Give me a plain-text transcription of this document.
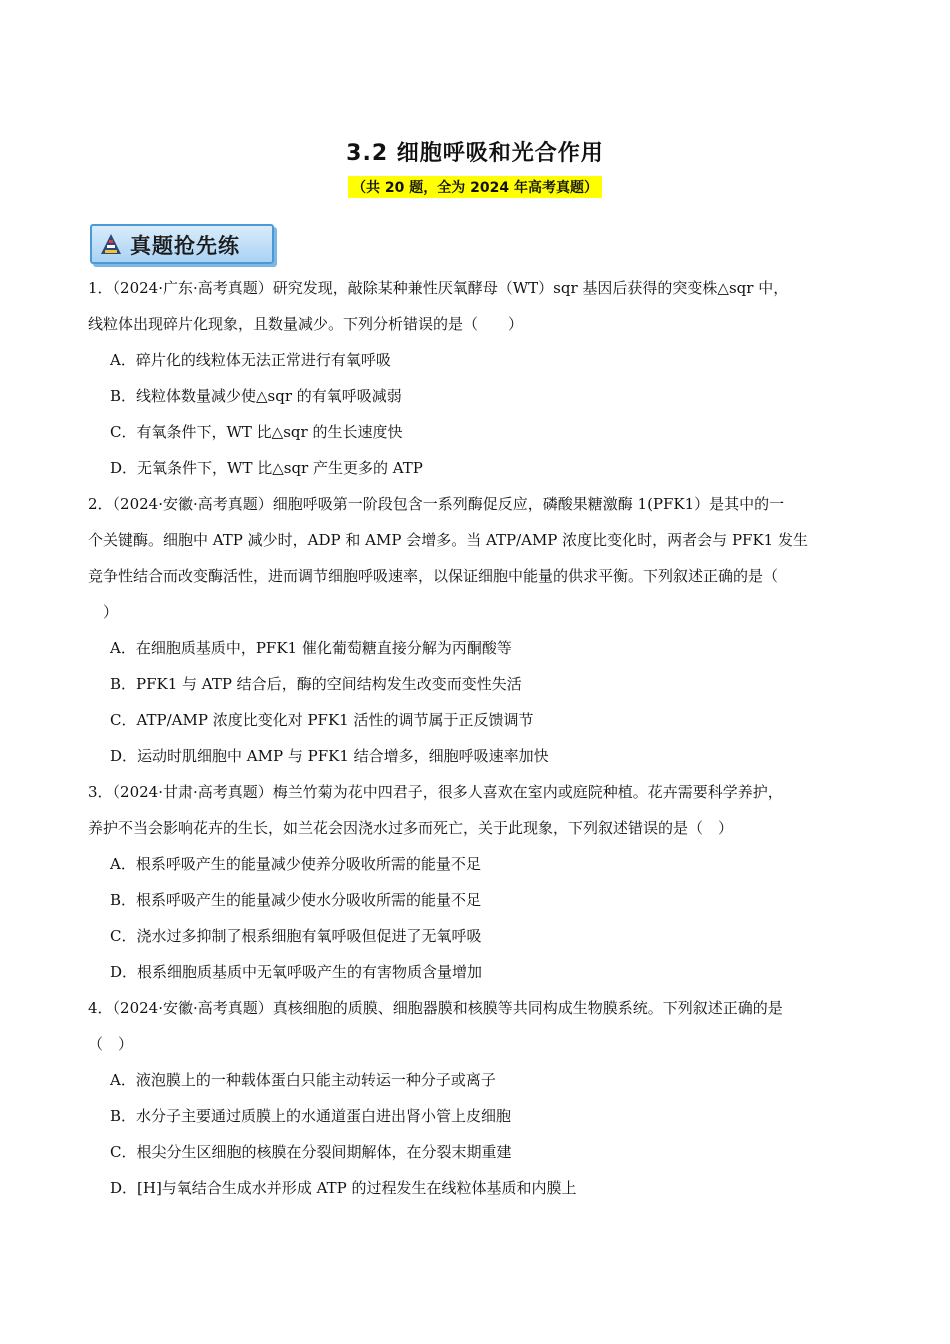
3.2 细胞呼吸和光合作用
（共 20 题，全为 2024 年高考真题）
真题抢先练

1．（2024·广东·高考真题）研究发现，敲除某种兼性厌氧酵母（WT）sqr 基因后获得的突变株△sqr 中，

线粒体出现碎片化现象，且数量减少。下列分析错误的是（　　）

A．碎片化的线粒体无法正常进行有氧呼吸

B．线粒体数量减少使△sqr 的有氧呼吸减弱

C．有氧条件下，WT 比△sqr 的生长速度快

D．无氧条件下，WT 比△sqr 产生更多的 ATP

2．（2024·安徽·高考真题）细胞呼吸第一阶段包含一系列酶促反应，磷酸果糖激酶 1(PFK1）是其中的一

个关键酶。细胞中 ATP 减少时，ADP 和 AMP 会增多。当 ATP/AMP 浓度比变化时，两者会与 PFK1 发生

竞争性结合而改变酶活性，进而调节细胞呼吸速率，以保证细胞中能量的供求平衡。下列叙述正确的是（

　）

A．在细胞质基质中，PFK1 催化葡萄糖直接分解为丙酮酸等

B．PFK1 与 ATP 结合后，酶的空间结构发生改变而变性失活

C．ATP/AMP 浓度比变化对 PFK1 活性的调节属于正反馈调节

D．运动时肌细胞中 AMP 与 PFK1 结合增多，细胞呼吸速率加快

3．（2024·甘肃·高考真题）梅兰竹菊为花中四君子，很多人喜欢在室内或庭院种植。花卉需要科学养护，

养护不当会影响花卉的生长，如兰花会因浇水过多而死亡，关于此现象，下列叙述错误的是（　）

A．根系呼吸产生的能量减少使养分吸收所需的能量不足

B．根系呼吸产生的能量减少使水分吸收所需的能量不足

C．浇水过多抑制了根系细胞有氧呼吸但促进了无氧呼吸

D．根系细胞质基质中无氧呼吸产生的有害物质含量增加

4．（2024·安徽·高考真题）真核细胞的质膜、细胞器膜和核膜等共同构成生物膜系统。下列叙述正确的是

（　）

A．液泡膜上的一种载体蛋白只能主动转运一种分子或离子

B．水分子主要通过质膜上的水通道蛋白进出肾小管上皮细胞

C．根尖分生区细胞的核膜在分裂间期解体，在分裂末期重建

D．[H]与氧结合生成水并形成 ATP 的过程发生在线粒体基质和内膜上
